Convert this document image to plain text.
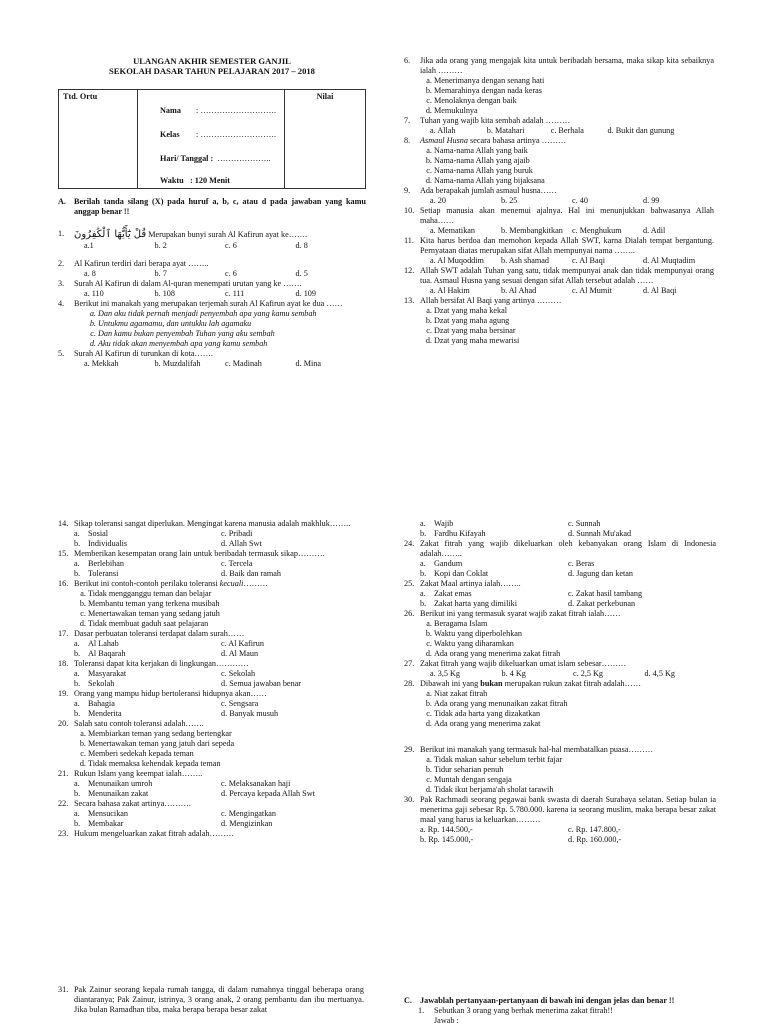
ULANGAN AKHIR SEMESTER GANJIL
SEKOLAH DASAR TAHUN PELAJARAN 2017 – 2018
Ttd. Ortu	
Nama	: ……………………….
Kelas	: ……………………….
Hari/ Tanggal : ………………..
Waktu : 120 Menit
	Nilai
A. Berilah tanda silang (X) pada huruf a, b, c, atau d pada jawaban yang kamu anggap benar !!
1. قُلْ يَٰٓأَيُّهَا ٱلْكَٰفِرُونَ Merupakan bunyi surah Al Kafirun ayat ke…….
a.1	b. 2	c. 6	d. 8
2.	Al Kafirun terdiri dari berapa ayat ……..
a. 8	b. 7	c. 6	d. 5
3.	Surah Al Kafirun di dalam Al-quran menempati urutan yang ke …….
a. 110	b. 108	c. 111	d. 109
4.	Berikut ini manakah yang merupakan terjemah surah Al Kafirun ayat ke dua ……
a. Dan aku tidak pernah menjadi penyembah apa yang kamu sembah
b. Untukmu agamamu, dan untukku lah agamaku
c. Dan kamu bukan penyembah Tuhan yang aku sembah
d. Aku tidak akan menyembah apa yang kamu sembah
5.	Surah Al Kafirun di turunkan di kota…….
a. Mekkah	b. Muzdalifah	c. Madinah	d. Mina
6.	Jika ada orang yang mengajak kita untuk beribadah bersama, maka sikap kita sebaiknya ialah ………
a. Menerimanya dengan senang hati
b. Memarahinya dengan nada keras
c. Menolaknya dengan baik
d. Memukulnya
7.	Tuhan yang wajib kita sembah adalah ………
a. Allah	b. Matahari	c. Berhala	d. Bukit dan gunung
8.	Asmaul Husna secara bahasa artinya ………
a. Nama-nama Allah yang baik
b. Nama-nama Allah yang ajaib
c. Nama-nama Allah yang buruk
d. Nama-nama Allah yang bijaksana
9.	Ada berapakah jumlah asmaul husna……
a. 20	b. 25	c. 40	d. 99
10. Setiap manusia akan menemui ajalnya. Hal ini menunjukkan bahwasanya Allah maha……
a. Mematikan	b. Membangkitkan	c. Menghukum	d. Adil
11. Kita harus berdoa dan memohon kepada Allah SWT, karna Dialah tempat bergantung. Pernyataan diatas merupakan sifat Allah mempunyai nama ……..
a. Al Muqoddim	b. Ash shamad	c. Al Baqi	d. Al Muqtadim
12. Allah SWT adalah Tuhan yang satu, tidak mempunyai anak dan tidak mempunyai orang tua. Asmaul Husna yang sesuai dengan sifat Allah tersebut adalah ……
a. Al Hakim	b. Al Ahad	c. Al Mumit	d. Al Baqi
13. Allah bersifat Al Baqi yang artinya ………
a. Dzat yang maha kekal
b. Dzat yang maha agung
c. Dzat yang maha bersinar
d. Dzat yang maha mewarisi
14. Sikap toleransi sangat diperlukan. Mengingat karena manusia adalah makhluk……..
a. Sosial	c. Pribadi
b. Individualis	d. Allah Swt
15. Memberikan kesempatan orang lain untuk beribadah termasuk sikap……….
a. Berlebihan	c. Tercela
b. Toleransi	d. Baik dan ramah
16. Berikut ini contoh-contoh perilaku toleransi kecuali………
a. Tidak mengganggu teman dan belajar
b. Membantu teman yang terkena musibah
c. Menertawakan teman yang sedang jatuh
d. Tidak membuat gaduh saat pelajaran
17. Dasar perbuatan toleransi terdapat dalam surah……
a. Al Lahab	c. Al Kafirun
b. Al Baqarah	d. Al Maun
18. Toleransi dapat kita kerjakan di lingkungan…………
a. Masyarakat	c. Sekolah
b. Sekolah	d. Semua jawaban benar
19. Orang yang mampu hidup bertoleransi hidupnya akan……
a. Bahagia	c. Sengsara
b. Menderita	d. Banyak musuh
20. Salah satu contoh toleransi adalah…….
a. Membiarkan teman yang sedang bertengkar
b. Menertawakan teman yang jatuh dari sepeda
c. Memberi sedekah kepada teman
d. Tidak memaksa kehendak kepada teman
21. Rukun Islam yang keempat ialah……..
a. Menunaikan umroh	c. Melaksanakan haji
b. Menunaikan zakat	d. Percaya kepada Allah Swt
22. Secara bahasa zakat artinya……….
a. Mensucikan	c. Mengingatkan
b. Membakar	d. Mengizinkan
23. Hukum mengeluarkan zakat fitrah adalah………
a. Wajib	c. Sunnah
b. Fardhu Kifayah	d. Sunnah Mu'akad
24. Zakat fitrah yang wajib dikeluarkan oleh kebanyakan orang Islam di Indonesia adalah……..
a. Gandum	c. Beras
b. Kopi dan Coklat	d. Jagung dan ketan
25. Zakat Maal artinya ialah……..
a. Zakat emas	c. Zakat hasil tambang
b. Zakat harta yang dimiliki	d. Zakat perkebunan
26. Berikut ini yang termasuk syarat wajib zakat fitrah ialah……
a. Beragama Islam
b. Waktu yang diperbolehkan
c. Waktu yang diharamkan
d. Ada orang yang menerima zakat fitrah
27. Zakat fitrah yang wajib dikeluarkan umat islam sebesar………
a. 3,5 Kg	b. 4 Kg	c. 2,5 Kg	d. 4,5 Kg
28. Dibawah ini yang bukan merupakan rukun zakat fitrah adalah……
a. Niat zakat fitrah
b. Ada orang yang menunaikan zakat fitrah
c. Tidak ada harta yang dizakatkan
d. Ada orang yang menerima zakat
29. Berikut ini manakah yang termasuk hal-hal membatalkan puasa………
a. Tidak makan sahur sebelum terbit fajar
b. Tidur seharian penuh
c. Muntah dengan sengaja
d. Tidak ikut berjama'ah sholat tarawih
30. Pak Rachmadi seorang pegawai bank swasta di daerah Surabaya selatan. Setiap bulan ia menerima gaji sebesar Rp. 5.780.000. karena ia seorang muslim, maka berapa besar zakat maal yang harus ia keluarkan………
a. Rp. 144.500,-	c. Rp. 147.800,-
b. Rp. 145.000,-	d. Rp. 160.000,-
31. Pak Zainur seorang kepala rumah tangga, di dalam rumahnya tinggal beberapa orang diantaranya; Pak Zainur, istrinya, 3 orang anak, 2 orang pembantu dan ibu mertuanya. Jika bulan Ramadhan tiba, maka berapa berapa besar zakat
C. Jawablah pertanyaan-pertanyaan di bawah ini dengan jelas dan benar !!
1.	Sebutkan 3 orang yang berhak menerima zakat fitrah!!
Jawab :
